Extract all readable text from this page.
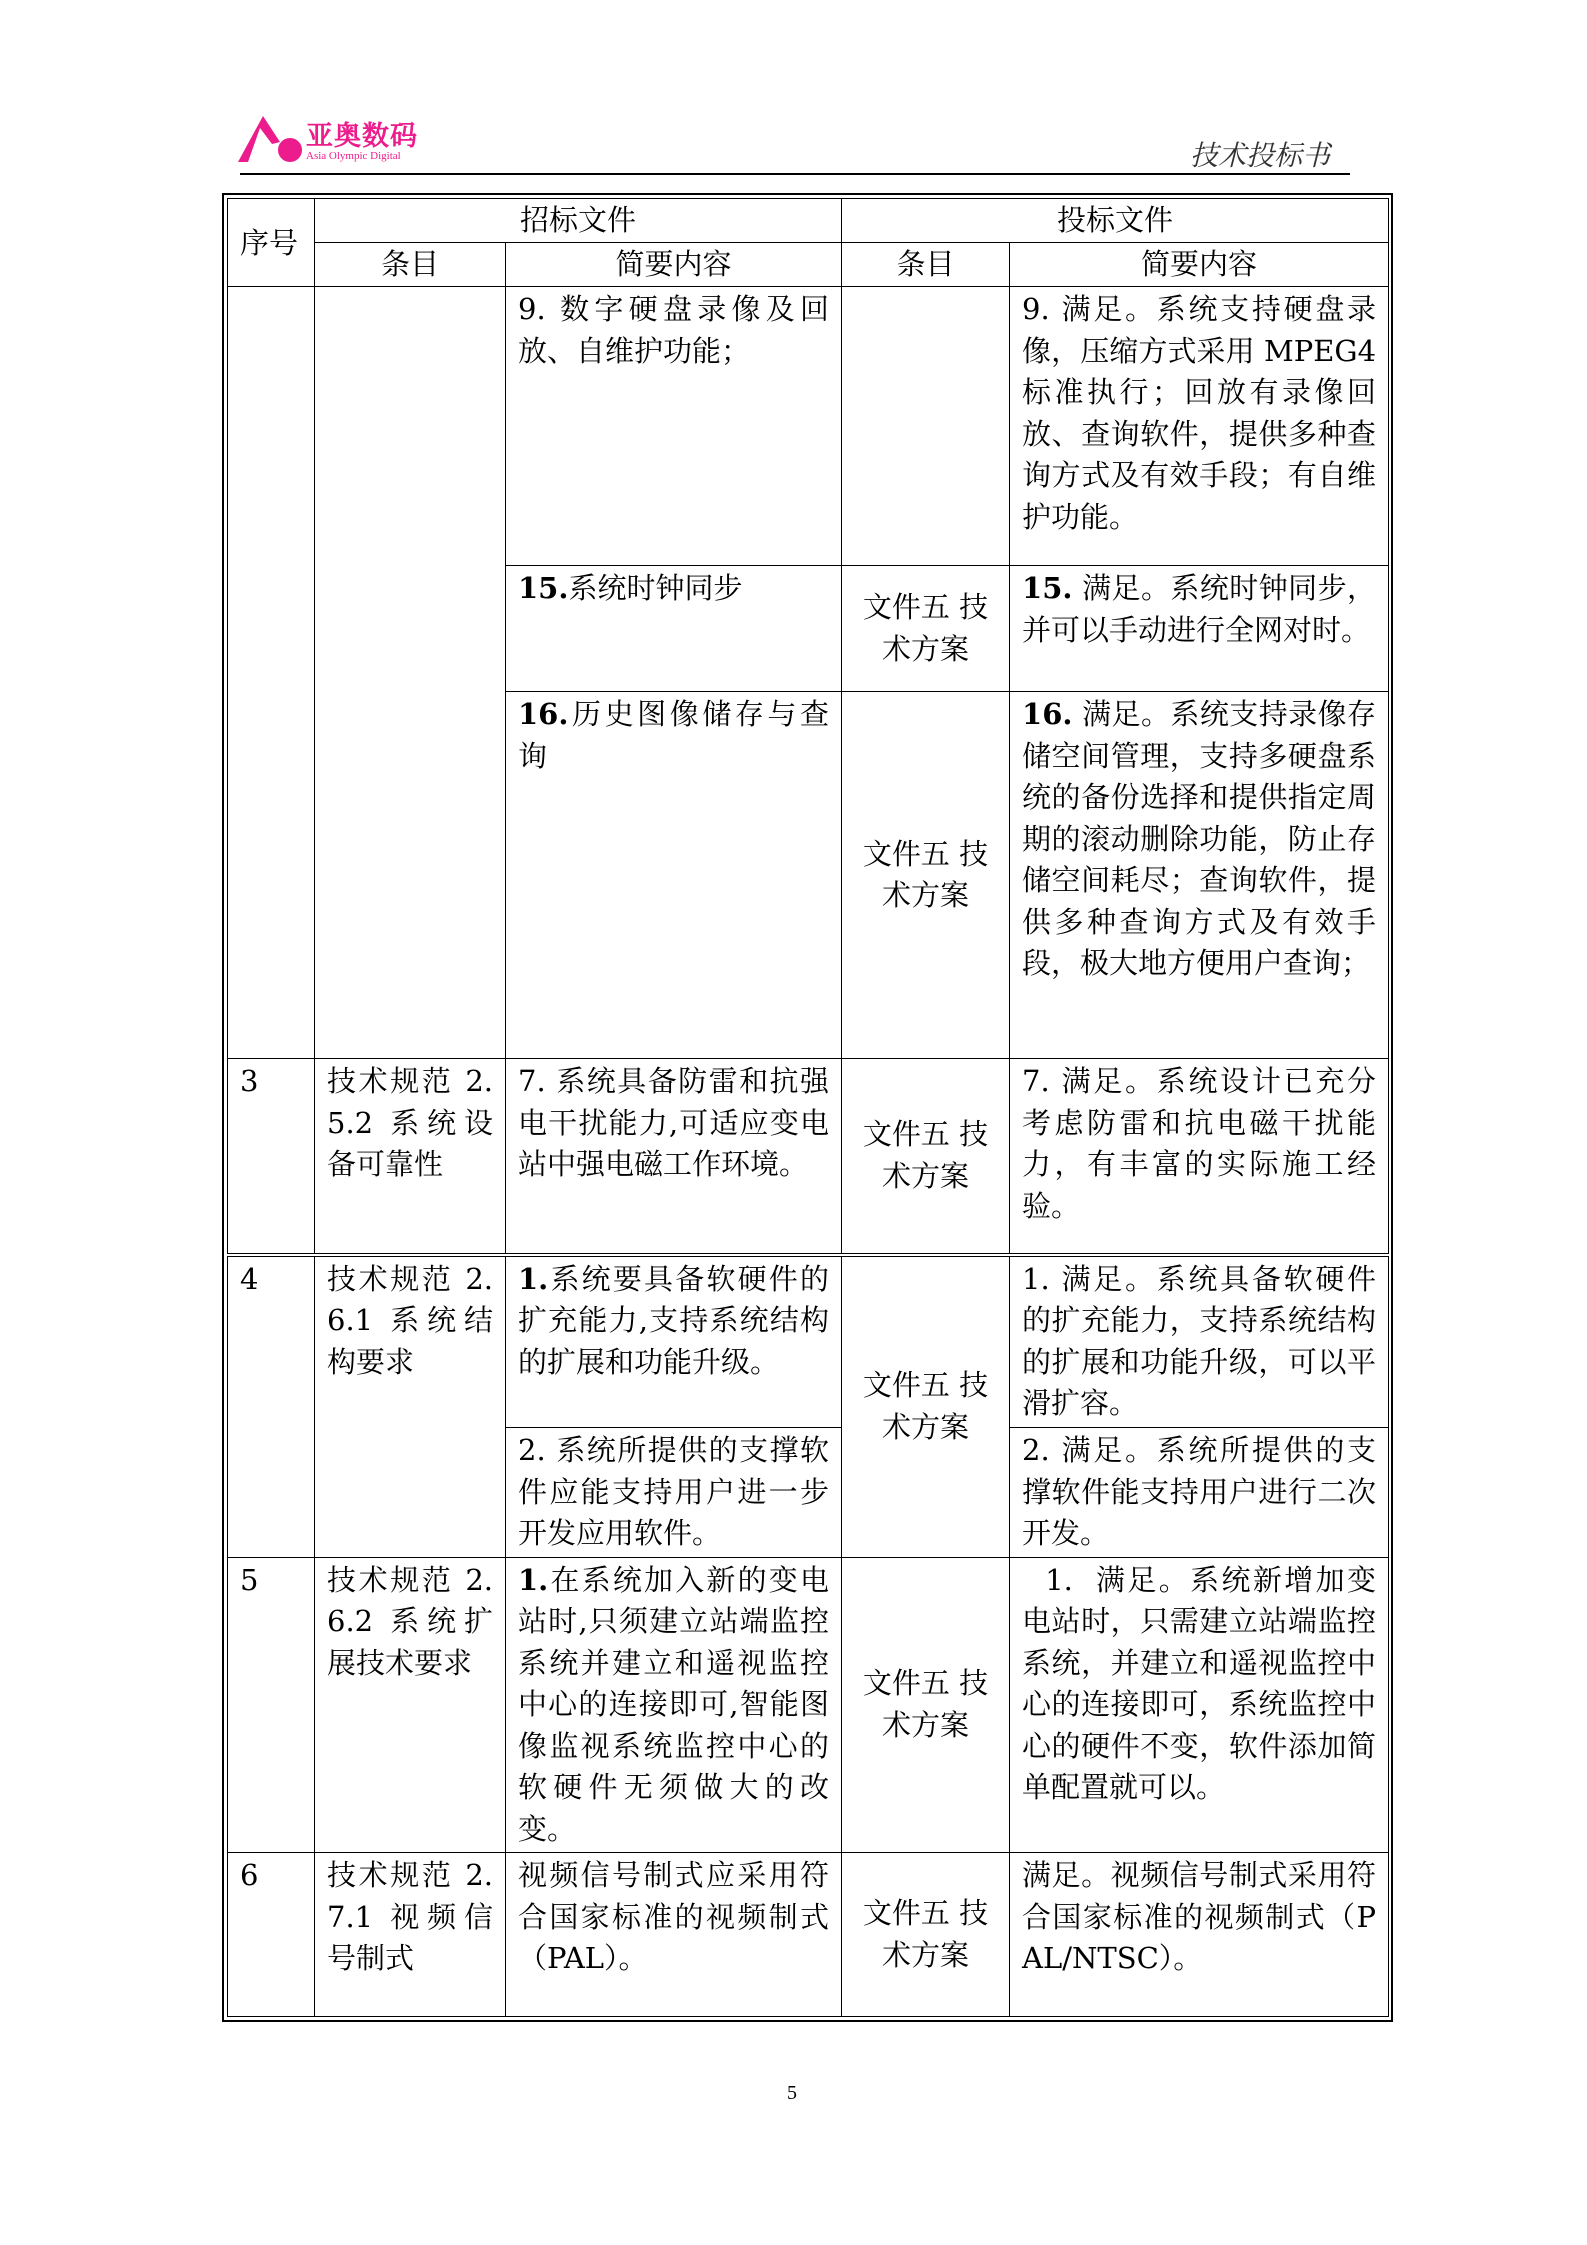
亚奥数码
Asia Olympic Digital	技术投标书
序号	招标文件		投标文件	
	条目	简要内容	条目	简要内容
		9. 数字硬盘录像及回放、自维护功能；		9. 满足。系统支持硬盘录像，压缩方式采用 MPEG4 标准执行；回放有录像回放、查询软件，提供多种查询方式及有效手段；有自维护功能。
		15.系统时钟同步	文件五 技术方案	15. 满足。系统时钟同步，并可以手动进行全网对时。
		16.历史图像储存与查询	文件五 技术方案	16. 满足。系统支持录像存储空间管理，支持多硬盘系统的备份选择和提供指定周期的滚动删除功能，防止存储空间耗尽；查询软件，提供多种查询方式及有效手段，极大地方便用户查询；
3	技术规范 2.5.2 系统设备可靠性	7. 系统具备防雷和抗强电干扰能力,可适应变电站中强电磁工作环境。	文件五 技术方案	7. 满足。系统设计已充分考虑防雷和抗电磁干扰能力，有丰富的实际施工经验。
4	技术规范 2.6.1 系统结构要求	1.系统要具备软硬件的扩充能力,支持系统结构的扩展和功能升级。	文件五 技术方案	1. 满足。系统具备软硬件的扩充能力，支持系统结构的扩展和功能升级，可以平滑扩容。
		2. 系统所提供的支撑软件应能支持用户进一步开发应用软件。		2. 满足。系统所提供的支撑软件能支持用户进行二次开发。
5	技术规范 2.6.2 系统扩展技术要求	1.在系统加入新的变电站时,只须建立站端监控系统并建立和遥视监控中心的连接即可,智能图像监视系统监控中心的软硬件无须做大的改变。	文件五 技术方案	1.  满足。系统新增加变电站时，只需建立站端监控系统，并建立和遥视监控中心的连接即可，系统监控中心的硬件不变，软件添加简单配置就可以。
6	技术规范 2.7.1 视频信号制式	视频信号制式应采用符合国家标准的视频制式（PAL）。	文件五 技术方案	满足。视频信号制式采用符合国家标准的视频制式（PAL/NTSC）。
5
